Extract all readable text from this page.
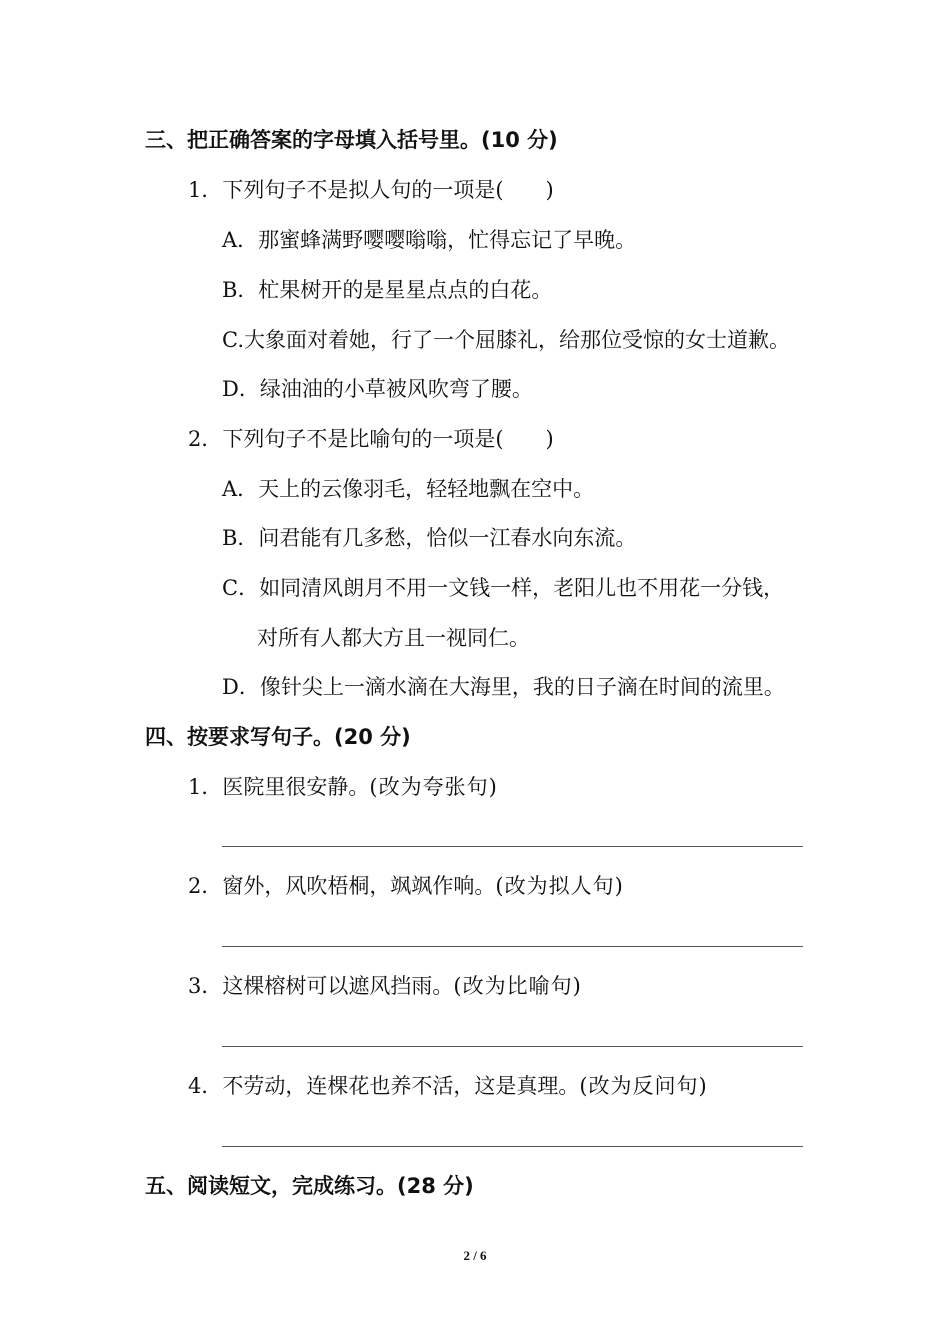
三、把正确答案的字母填入括号里。(10 分)
1．下列句子不是拟人句的一项是(　　)
A．那蜜蜂满野嘤嘤嗡嗡，忙得忘记了早晚。
B．杧果树开的是星星点点的白花。
C.大象面对着她，行了一个屈膝礼，给那位受惊的女士道歉。
D．绿油油的小草被风吹弯了腰。
2．下列句子不是比喻句的一项是(　　)
A．天上的云像羽毛，轻轻地飘在空中。
B．问君能有几多愁，恰似一江春水向东流。
C．如同清风朗月不用一文钱一样，老阳儿也不用花一分钱，
对所有人都大方且一视同仁。
D．像针尖上一滴水滴在大海里，我的日子滴在时间的流里。
四、按要求写句子。(20 分)
1．医院里很安静。(改为夸张句)
2．窗外，风吹梧桐，飒飒作响。(改为拟人句)
3．这棵榕树可以遮风挡雨。(改为比喻句)
4．不劳动，连棵花也养不活，这是真理。(改为反问句)
五、阅读短文，完成练习。(28 分)
2 / 6
